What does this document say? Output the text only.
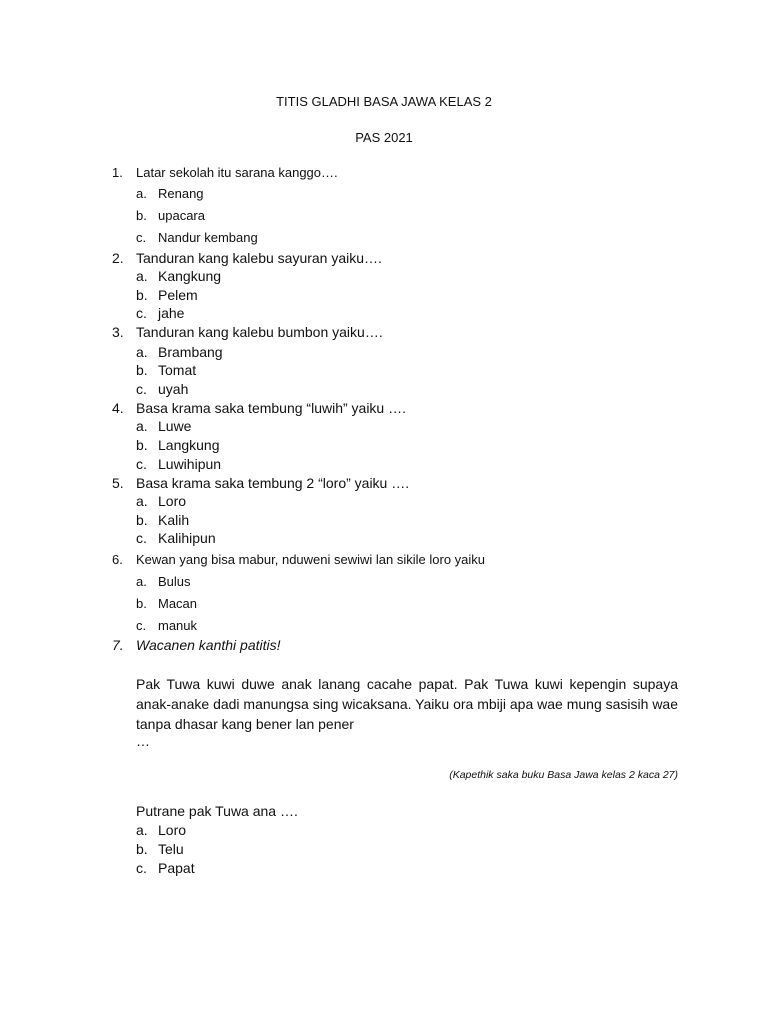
TITIS GLADHI BASA JAWA KELAS 2
PAS 2021
1. Latar sekolah itu sarana kanggo….
a. Renang
b. upacara
c. Nandur kembang
2. Tanduran kang kalebu sayuran yaiku….
a. Kangkung
b. Pelem
c. jahe
3. Tanduran kang kalebu bumbon yaiku….
a. Brambang
b. Tomat
c. uyah
4. Basa krama saka tembung “luwih” yaiku ….
a. Luwe
b. Langkung
c. Luwihipun
5. Basa krama saka tembung 2 “loro” yaiku ….
a. Loro
b. Kalih
c. Kalihipun
6. Kewan yang bisa mabur, nduweni sewiwi lan sikile loro yaiku
a. Bulus
b. Macan
c. manuk
7. Wacanen kanthi patitis!
Pak Tuwa kuwi duwe anak lanang cacahe papat. Pak Tuwa kuwi kepengin supaya
anak-anake dadi manungsa sing wicaksana. Yaiku ora mbiji apa wae mung sasisih wae
tanpa dhasar kang bener lan pener
…
(Kapethik saka buku Basa Jawa kelas 2 kaca 27)
Putrane pak Tuwa ana ….
a. Loro
b. Telu
c. Papat
